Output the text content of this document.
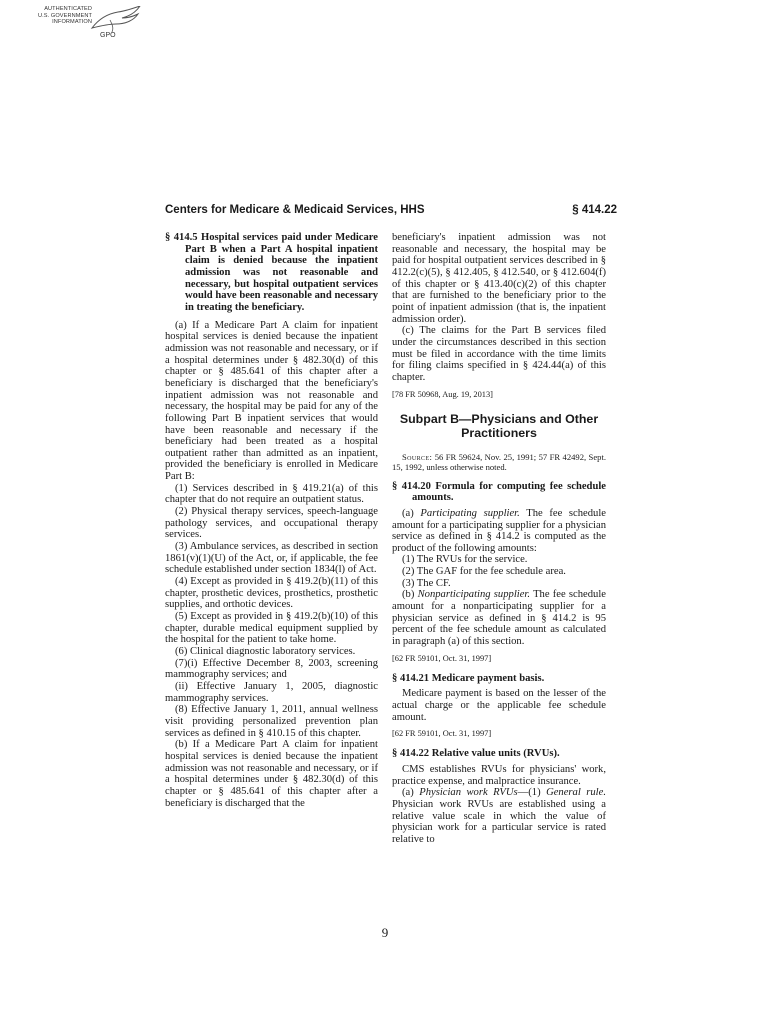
AUTHENTICATED
U.S. GOVERNMENT
INFORMATION
GPO
Centers for Medicare & Medicaid Services, HHS	§ 414.22

§ 414.5 Hospital services paid under Medicare Part B when a Part A hospital inpatient claim is denied because the inpatient admission was not reasonable and necessary, but hospital outpatient services would have been reasonable and necessary in treating the beneficiary.

(a) If a Medicare Part A claim for inpatient hospital services is denied because the inpatient admission was not reasonable and necessary, or if a hospital determines under § 482.30(d) of this chapter or § 485.641 of this chapter after a beneficiary is discharged that the beneficiary's inpatient admission was not reasonable and necessary, the hospital may be paid for any of the following Part B inpatient services that would have been reasonable and necessary if the beneficiary had been treated as a hospital outpatient rather than admitted as an inpatient, provided the beneficiary is enrolled in Medicare Part B:

(1) Services described in § 419.21(a) of this chapter that do not require an outpatient status.

(2) Physical therapy services, speech-language pathology services, and occupational therapy services.

(3) Ambulance services, as described in section 1861(v)(1)(U) of the Act, or, if applicable, the fee schedule established under section 1834(l) of Act.

(4) Except as provided in § 419.2(b)(11) of this chapter, prosthetic devices, prosthetics, prosthetic supplies, and orthotic devices.

(5) Except as provided in § 419.2(b)(10) of this chapter, durable medical equipment supplied by the hospital for the patient to take home.

(6) Clinical diagnostic laboratory services.

(7)(i) Effective December 8, 2003, screening mammography services; and

(ii) Effective January 1, 2005, diagnostic mammography services.

(8) Effective January 1, 2011, annual wellness visit providing personalized prevention plan services as defined in § 410.15 of this chapter.

(b) If a Medicare Part A claim for inpatient hospital services is denied because the inpatient admission was not reasonable and necessary, or if a hospital determines under § 482.30(d) of this chapter or § 485.641 of this chapter after a beneficiary is discharged that the

beneficiary's inpatient admission was not reasonable and necessary, the hospital may be paid for hospital outpatient services described in § 412.2(c)(5), § 412.405, § 412.540, or § 412.604(f) of this chapter or § 413.40(c)(2) of this chapter that are furnished to the beneficiary prior to the point of inpatient admission (that is, the inpatient admission order).

(c) The claims for the Part B services filed under the circumstances described in this section must be filed in accordance with the time limits for filing claims specified in § 424.44(a) of this chapter.

[78 FR 50968, Aug. 19, 2013]

Subpart B—Physicians and Other Practitioners

Source: 56 FR 59624, Nov. 25, 1991; 57 FR 42492, Sept. 15, 1992, unless otherwise noted.

§ 414.20 Formula for computing fee schedule amounts.

(a) Participating supplier. The fee schedule amount for a participating supplier for a physician service as defined in § 414.2 is computed as the product of the following amounts:

(1) The RVUs for the service.

(2) The GAF for the fee schedule area.

(3) The CF.

(b) Nonparticipating supplier. The fee schedule amount for a nonparticipating supplier for a physician service as defined in § 414.2 is 95 percent of the fee schedule amount as calculated in paragraph (a) of this section.

[62 FR 59101, Oct. 31, 1997]

§ 414.21 Medicare payment basis.

Medicare payment is based on the lesser of the actual charge or the applicable fee schedule amount.

[62 FR 59101, Oct. 31, 1997]

§ 414.22 Relative value units (RVUs).

CMS establishes RVUs for physicians' work, practice expense, and malpractice insurance.

(a) Physician work RVUs—(1) General rule. Physician work RVUs are established using a relative value scale in which the value of physician work for a particular service is rated relative to

9
